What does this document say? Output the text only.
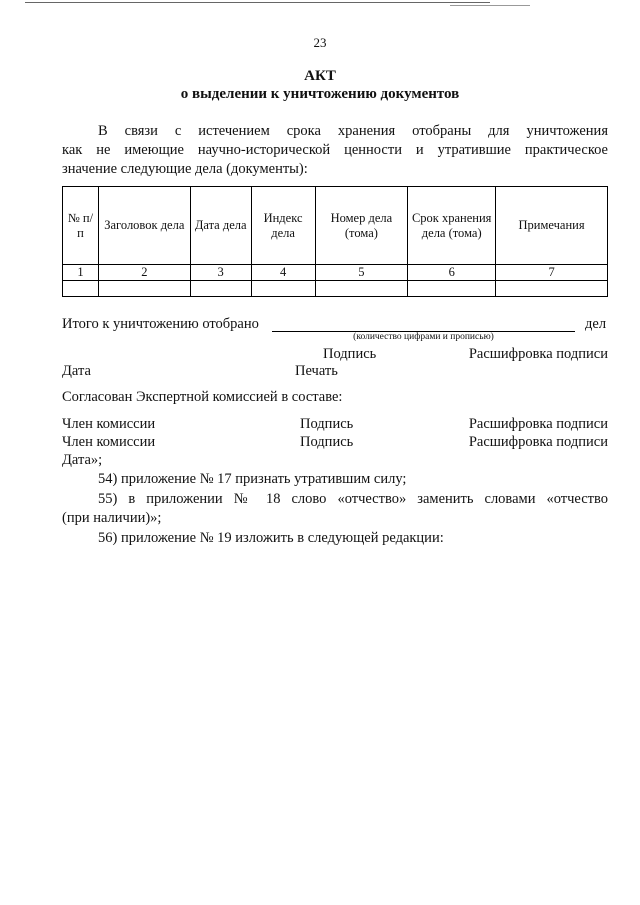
23
АКТ
о выделении к уничтожению документов
В связи с истечением срока хранения отобраны для уничтожения
как не имеющие научно-исторической ценности и утратившие практическое
значение следующие дела (документы):
№ п/п	Заголовок дела	Дата дела	Индекс дела	Номер дела (тома)	Срок хранения дела (тома)	Примечания
1	2	3	4	5	6	7

Итого к уничтожению отобрано	дел
(количество цифрами и прописью)
Подпись	Расшифровка подписи
Дата	Печать
Согласован Экспертной комиссией в составе:
Член комиссии	Подпись	Расшифровка подписи
Член комиссии	Подпись	Расшифровка подписи
Дата»;
54) приложение № 17 признать утратившим силу;
55) в приложении № 18 слово «отчество» заменить словами «отчество
(при наличии)»;
56) приложение № 19 изложить в следующей редакции:
